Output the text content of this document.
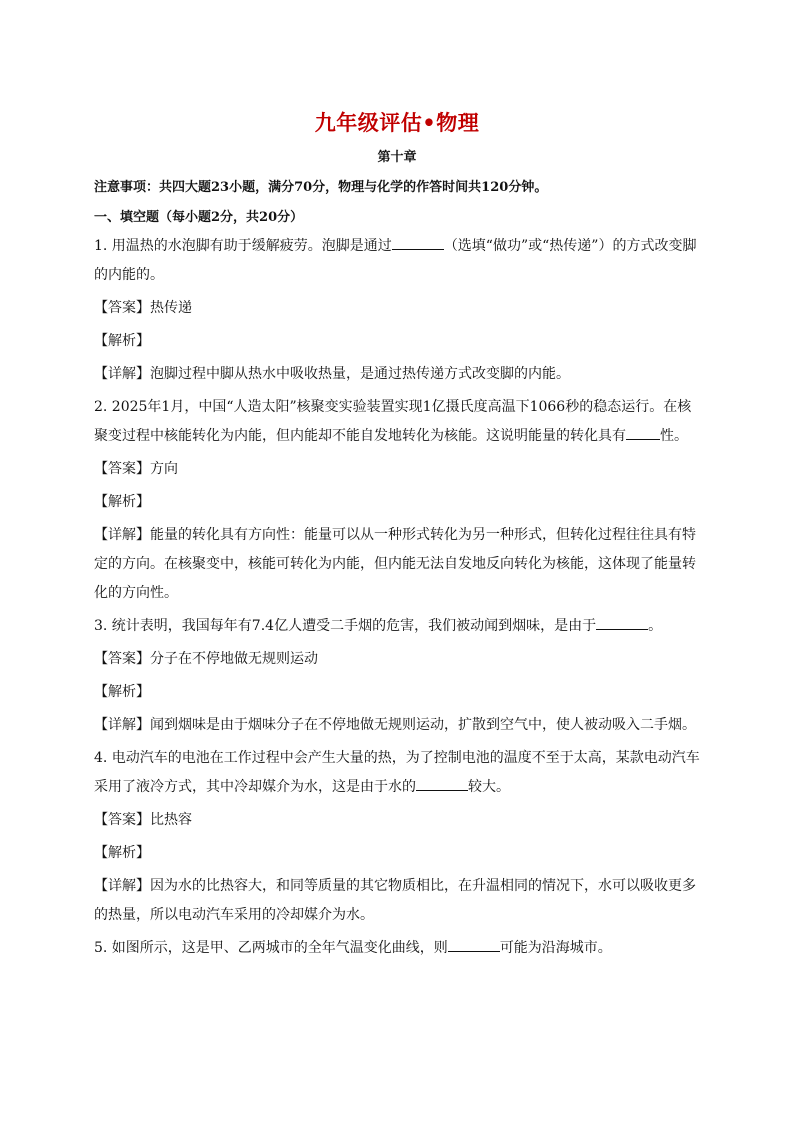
九年级评估•物理
第十章
注意事项：共四大题23小题，满分70分，物理与化学的作答时间共120分钟。
一、填空题（每小题2分，共20分）
1. 用温热的水泡脚有助于缓解疲劳。泡脚是通过	（选填“做功”或“热传递”）的方式改变脚的内能的。
【答案】热传递
【解析】
【详解】泡脚过程中脚从热水中吸收热量，是通过热传递方式改变脚的内能。
2. 2025年1月，中国“人造太阳”核聚变实验装置实现1亿摄氏度高温下1066秒的稳态运行。在核聚变过程中核能转化为内能，但内能却不能自发地转化为核能。这说明能量的转化具有 性。
【答案】方向
【解析】
【详解】能量的转化具有方向性：能量可以从一种形式转化为另一种形式，但转化过程往往具有特定的方向。在核聚变中，核能可转化为内能，但内能无法自发地反向转化为核能，这体现了能量转化的方向性。
3. 统计表明，我国每年有7.4亿人遭受二手烟的危害，我们被动闻到烟味，是由于	。
【答案】分子在不停地做无规则运动
【解析】
【详解】闻到烟味是由于烟味分子在不停地做无规则运动，扩散到空气中，使人被动吸入二手烟。
4. 电动汽车的电池在工作过程中会产生大量的热，为了控制电池的温度不至于太高，某款电动汽车采用了液冷方式，其中冷却媒介为水，这是由于水的	较大。
【答案】比热容
【解析】
【详解】因为水的比热容大，和同等质量的其它物质相比，在升温相同的情况下，水可以吸收更多的热量，所以电动汽车采用的冷却媒介为水。
5. 如图所示，这是甲、乙两城市的全年气温变化曲线，则	可能为沿海城市。
